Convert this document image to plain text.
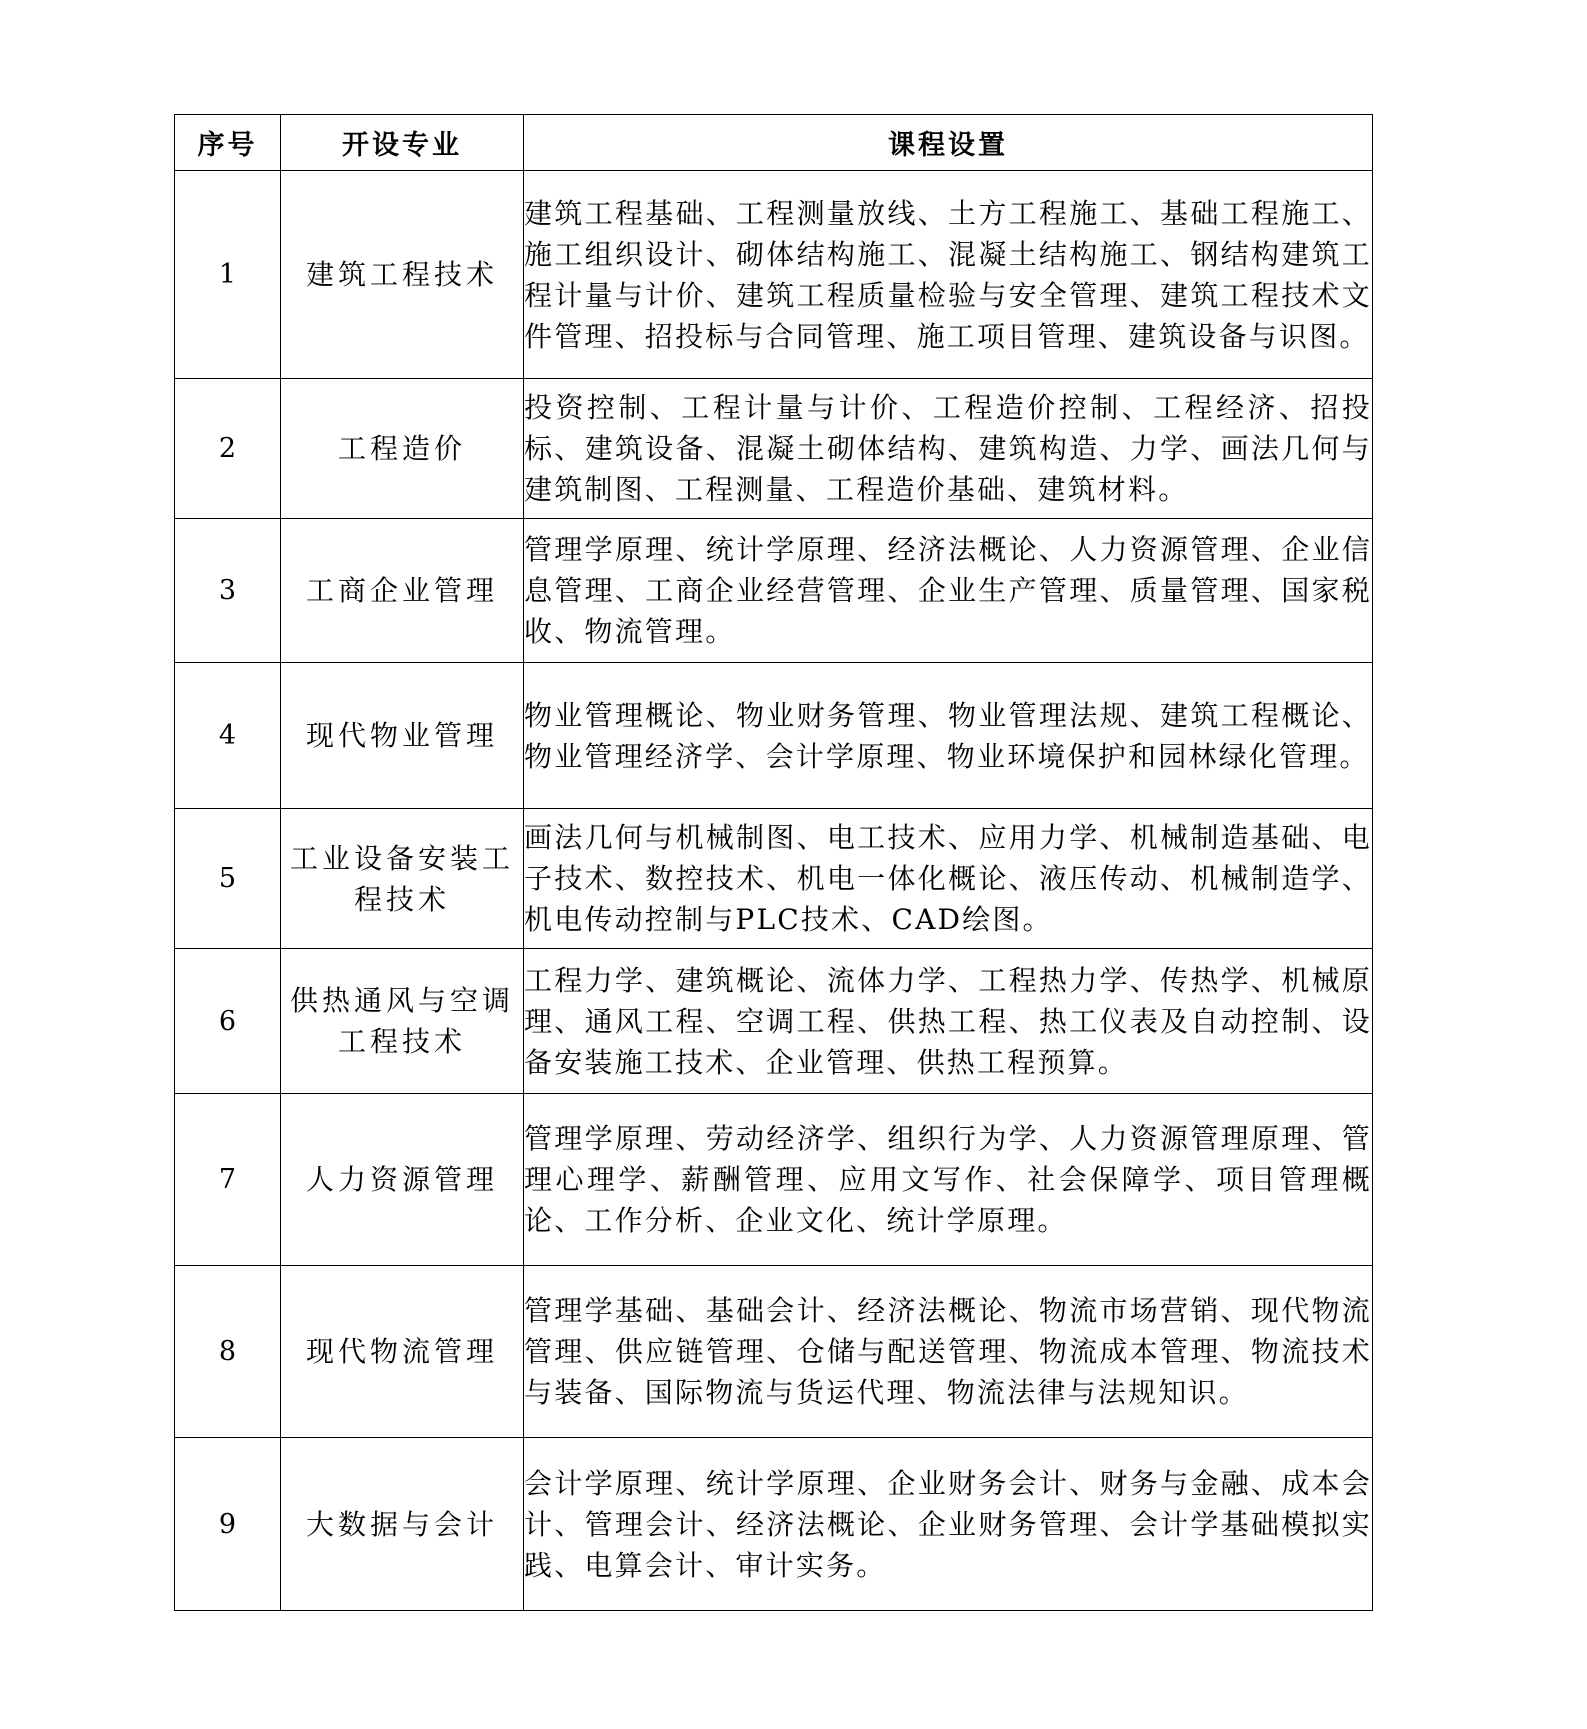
序号	开设专业	课程设置
1	建筑工程技术	建筑工程基础、工程测量放线、土方工程施工、基础工程施工、施工组织设计、砌体结构施工、混凝土结构施工、钢结构建筑工程计量与计价、建筑工程质量检验与安全管理、建筑工程技术文件管理、招投标与合同管理、施工项目管理、建筑设备与识图。
2	工程造价	投资控制、工程计量与计价、工程造价控制、工程经济、招投标、建筑设备、混凝土砌体结构、建筑构造、力学、画法几何与建筑制图、工程测量、工程造价基础、建筑材料。
3	工商企业管理	管理学原理、统计学原理、经济法概论、人力资源管理、企业信息管理、工商企业经营管理、企业生产管理、质量管理、国家税收、物流管理。
4	现代物业管理	物业管理概论、物业财务管理、物业管理法规、建筑工程概论、物业管理经济学、会计学原理、物业环境保护和园林绿化管理。
5	工业设备安装工程技术	画法几何与机械制图、电工技术、应用力学、机械制造基础、电子技术、数控技术、机电一体化概论、液压传动、机械制造学、机电传动控制与PLC技术、CAD绘图。
6	供热通风与空调工程技术	工程力学、建筑概论、流体力学、工程热力学、传热学、机械原理、通风工程、空调工程、供热工程、热工仪表及自动控制、设备安装施工技术、企业管理、供热工程预算。
7	人力资源管理	管理学原理、劳动经济学、组织行为学、人力资源管理原理、管理心理学、薪酬管理、应用文写作、社会保障学、项目管理概论、工作分析、企业文化、统计学原理。
8	现代物流管理	管理学基础、基础会计、经济法概论、物流市场营销、现代物流管理、供应链管理、仓储与配送管理、物流成本管理、物流技术与装备、国际物流与货运代理、物流法律与法规知识。
9	大数据与会计	会计学原理、统计学原理、企业财务会计、财务与金融、成本会计、管理会计、经济法概论、企业财务管理、会计学基础模拟实践、电算会计、审计实务。
